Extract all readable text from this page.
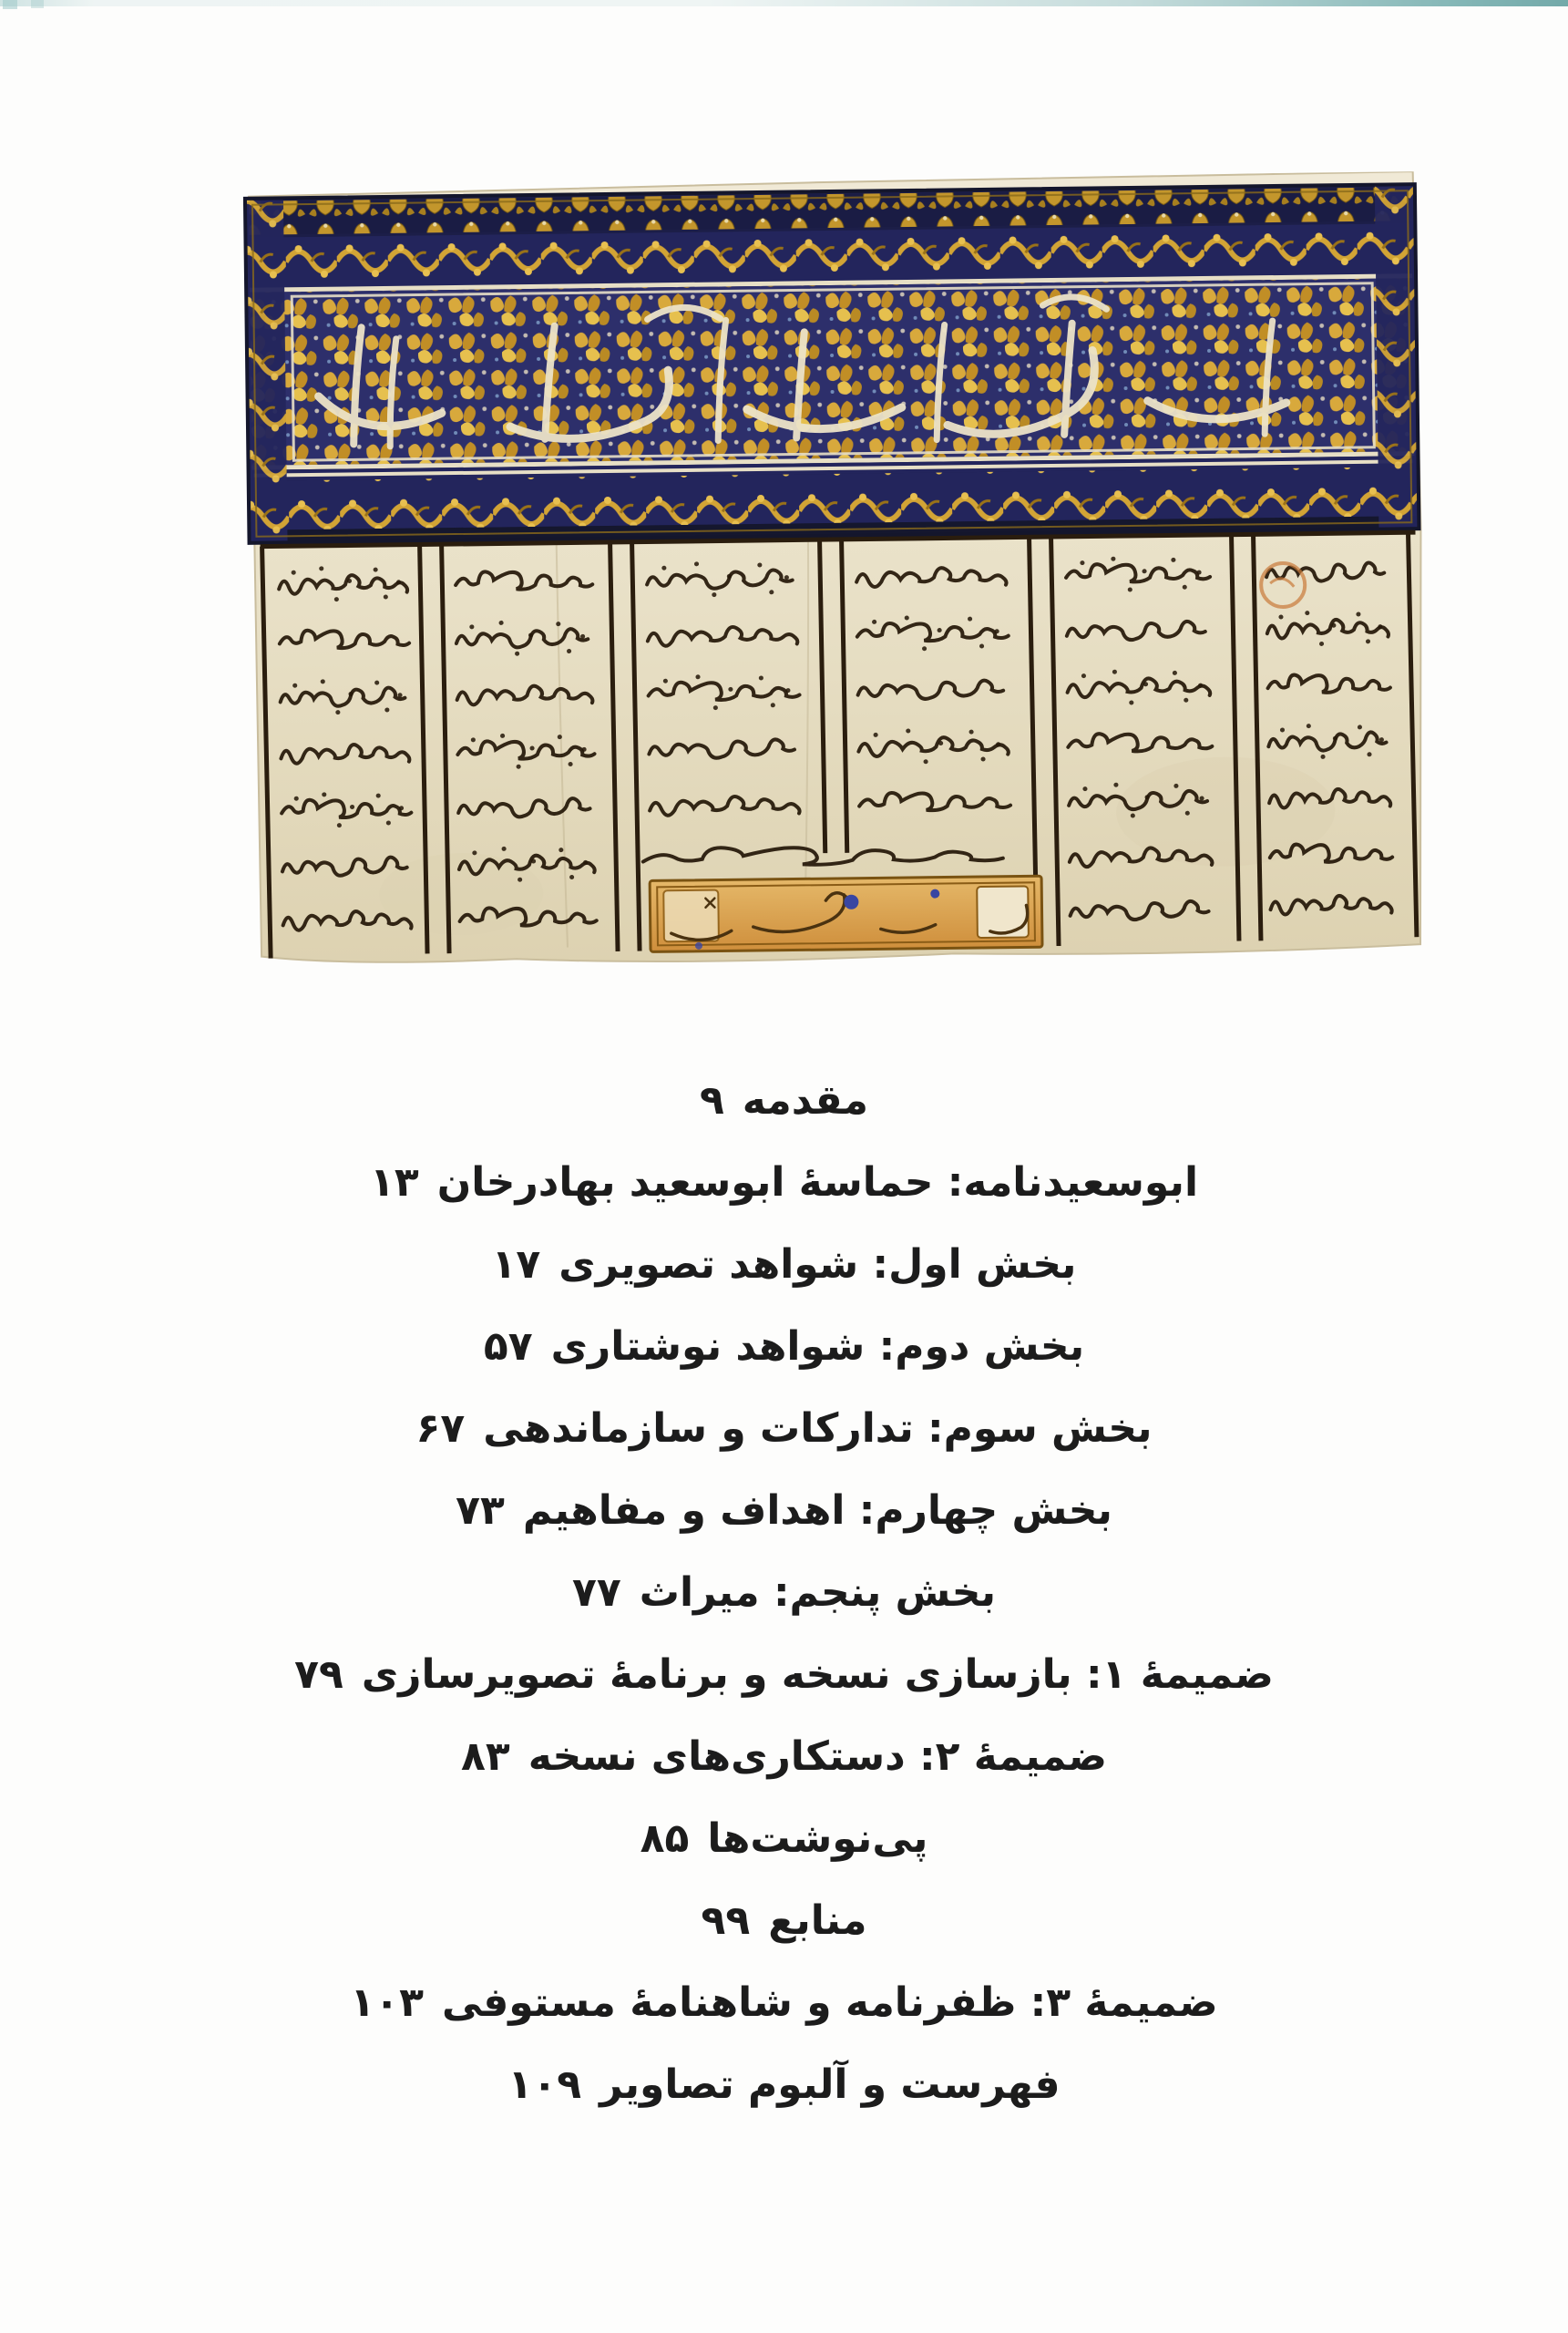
مقدمه
۹
ابوسعیدنامه: حماسهٔ ابوسعید بهادرخان
۱۳
بخش اول: شواهد تصویری
۱۷
بخش دوم: شواهد نوشتاری
۵۷
بخش سوم: تدارکات و سازماندهی
۶۷
بخش چهارم: اهداف و مفاهیم
۷۳
بخش پنجم: میراث
۷۷
ضمیمهٔ ۱: بازسازی نسخه و برنامهٔ تصویرسازی
۷۹
ضمیمهٔ ۲: دستکاری‌های نسخه
۸۳
پی‌نوشت‌ها
۸۵
منابع
۹۹
ضمیمهٔ ۳: ظفرنامه و شاهنامهٔ مستوفی
۱۰۳
فهرست و آلبوم تصاویر
۱۰۹
